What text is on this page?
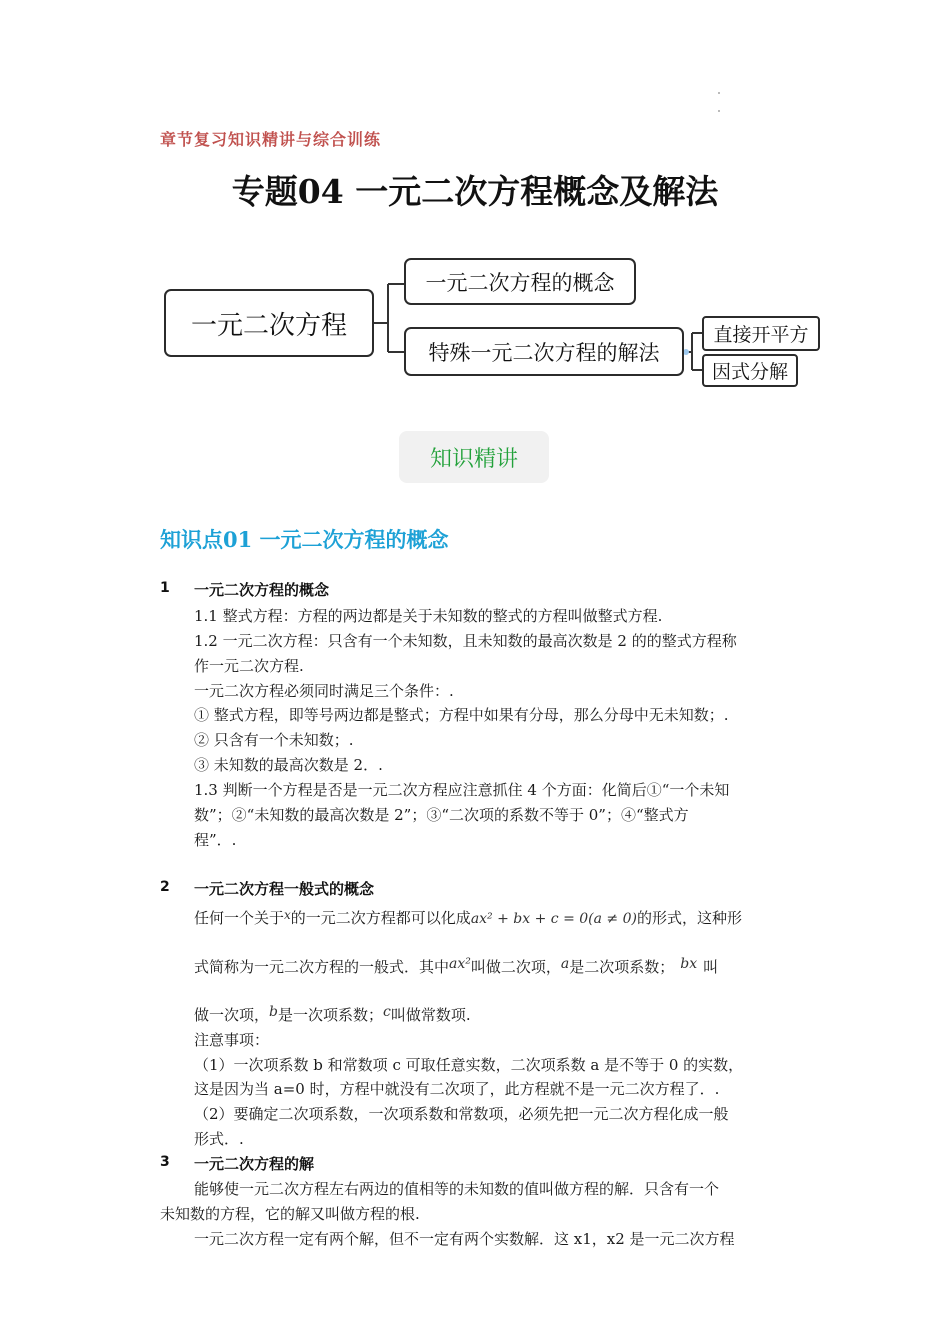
章节复习知识精讲与综合训练
专题04 一元二次方程概念及解法
一元二次方程
一元二次方程的概念
特殊一元二次方程的解法
直接开平方
因式分解
知识精讲
知识点01 一元二次方程的概念
1 一元二次方程的概念
1.1 整式方程：方程的两边都是关于未知数的整式的方程叫做整式方程.
1.2 一元二次方程：只含有一个未知数，且未知数的最高次数是 2 的的整式方程称
作一元二次方程.
一元二次方程必须同时满足三个条件：.
① 整式方程，即等号两边都是整式；方程中如果有分母，那么分母中无未知数；.
② 只含有一个未知数；.
③ 未知数的最高次数是 2．.
1.3 判断一个方程是否是一元二次方程应注意抓住 4 个方面：化简后①“一个未知
数”；②“未知数的最高次数是 2”；③“二次项的系数不等于 0”；④“整式方
程”．.
2 一元二次方程一般式的概念
任何一个关于$^x$的一元二次方程都可以化成ax² + bx + c = 0(a ≠ 0)的形式，这种形
式简称为一元二次方程的一般式．其中ax²叫做二次项，a是二次项系数； bx 叫
做一次项，b是一次项系数；c叫做常数项.
注意事项：
（1）一次项系数 b 和常数项 c 可取任意实数，二次项系数 a 是不等于 0 的实数，
这是因为当 a=0 时，方程中就没有二次项了，此方程就不是一元二次方程了．.
（2）要确定二次项系数，一次项系数和常数项，必须先把一元二次方程化成一般
形式．.
3 一元二次方程的解
能够使一元二次方程左右两边的值相等的未知数的值叫做方程的解．只含有一个
未知数的方程，它的解又叫做方程的根.
一元二次方程一定有两个解，但不一定有两个实数解．这 x1，x2 是一元二次方程
